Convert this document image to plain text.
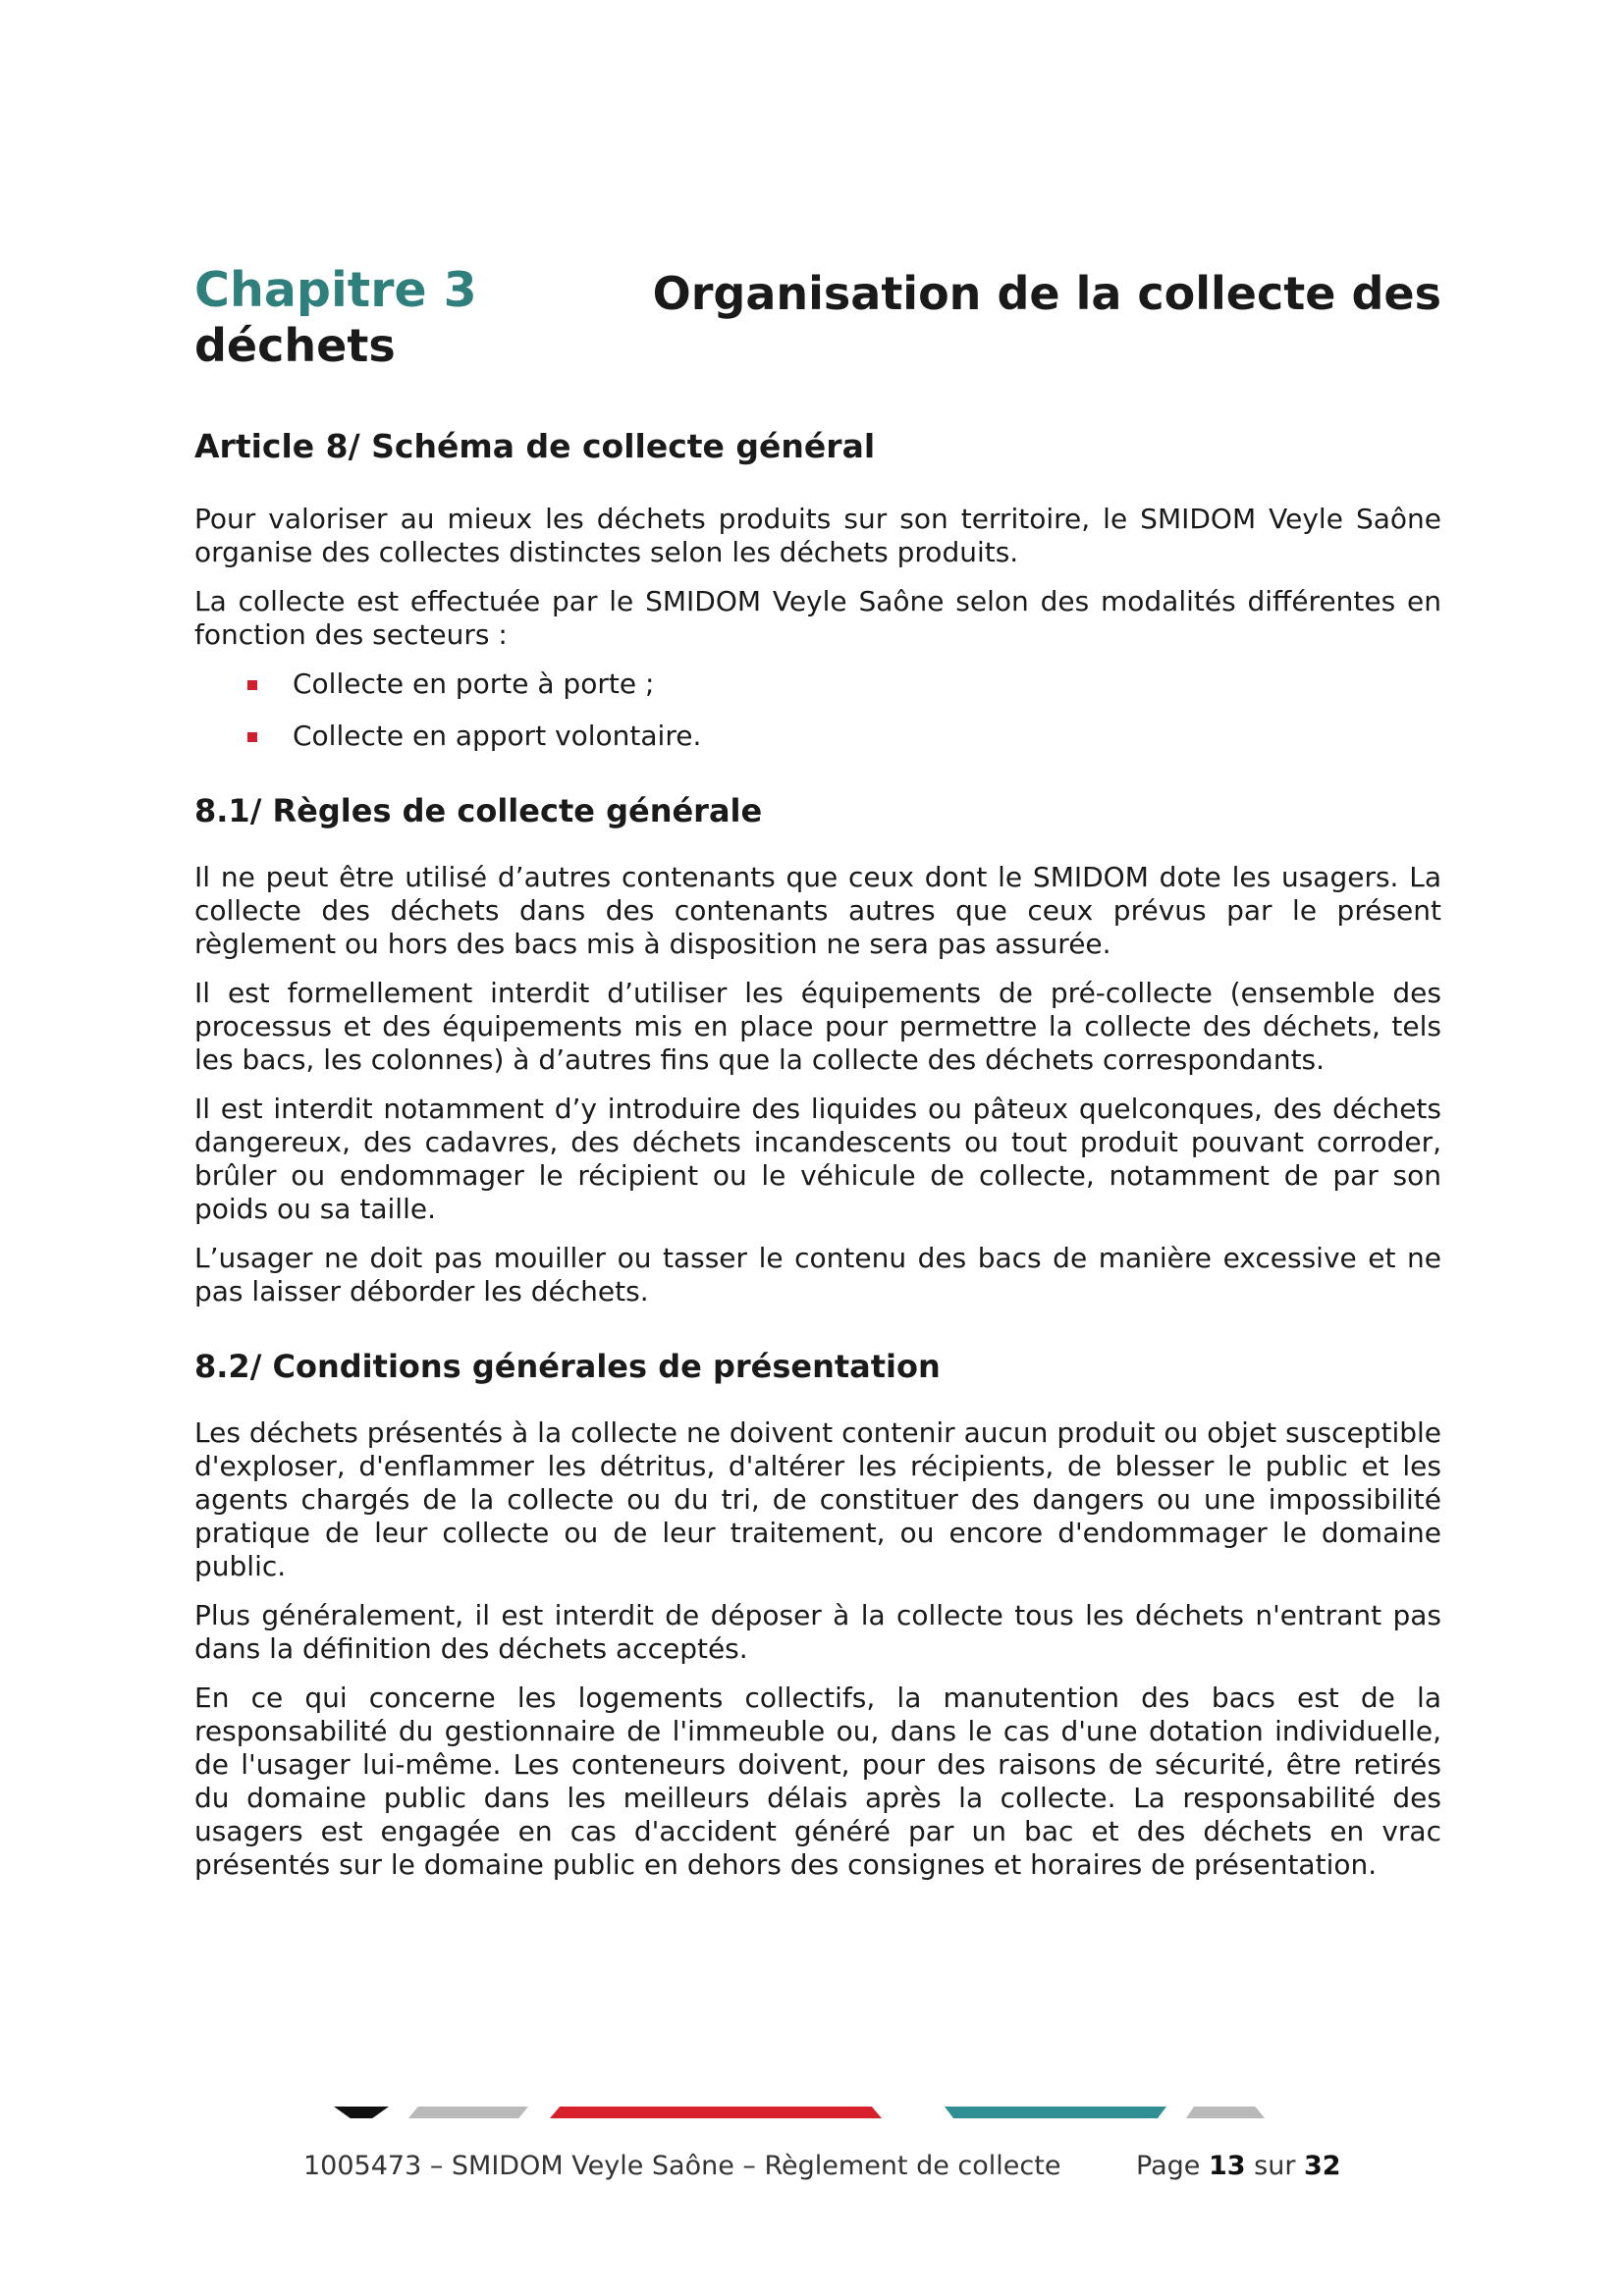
Chapitre 3	Organisation de la collecte des
déchets
Article 8/ Schéma de collecte général

Pour valoriser au mieux les déchets produits sur son territoire, le SMIDOM Veyle Saône organise des collectes distinctes selon les déchets produits.

La collecte est effectuée par le SMIDOM Veyle Saône selon des modalités différentes en fonction des secteurs :

Collecte en porte à porte ;
Collecte en apport volontaire.
8.1/ Règles de collecte générale

Il ne peut être utilisé d’autres contenants que ceux dont le SMIDOM dote les usagers. La collecte des déchets dans des contenants autres que ceux prévus par le présent règlement ou hors des bacs mis à disposition ne sera pas assurée.

Il est formellement interdit d’utiliser les équipements de pré-collecte (ensemble des processus et des équipements mis en place pour permettre la collecte des déchets, tels les bacs, les colonnes) à d’autres fins que la collecte des déchets correspondants.

Il est interdit notamment d’y introduire des liquides ou pâteux quelconques, des déchets dangereux, des cadavres, des déchets incandescents ou tout produit pouvant corroder, brûler ou endommager le récipient ou le véhicule de collecte, notamment de par son poids ou sa taille.

L’usager ne doit pas mouiller ou tasser le contenu des bacs de manière excessive et ne pas laisser déborder les déchets.

8.2/ Conditions générales de présentation

Les déchets présentés à la collecte ne doivent contenir aucun produit ou objet susceptible d'exploser, d'enflammer les détritus, d'altérer les récipients, de blesser le public et les agents chargés de la collecte ou du tri, de constituer des dangers ou une impossibilité pratique de leur collecte ou de leur traitement, ou encore d'endommager le domaine public.

Plus généralement, il est interdit de déposer à la collecte tous les déchets n'entrant pas dans la définition des déchets acceptés.

En ce qui concerne les logements collectifs, la manutention des bacs est de la responsabilité du gestionnaire de l'immeuble ou, dans le cas d'une dotation individuelle, de l'usager lui-même. Les conteneurs doivent, pour des raisons de sécurité, être retirés du domaine public dans les meilleurs délais après la collecte. La responsabilité des usagers est engagée en cas d'accident généré par un bac et des déchets en vrac présentés sur le domaine public en dehors des consignes et horaires de présentation.

1005473 – SMIDOM Veyle Saône – Règlement de collecte	Page 13 sur 32
